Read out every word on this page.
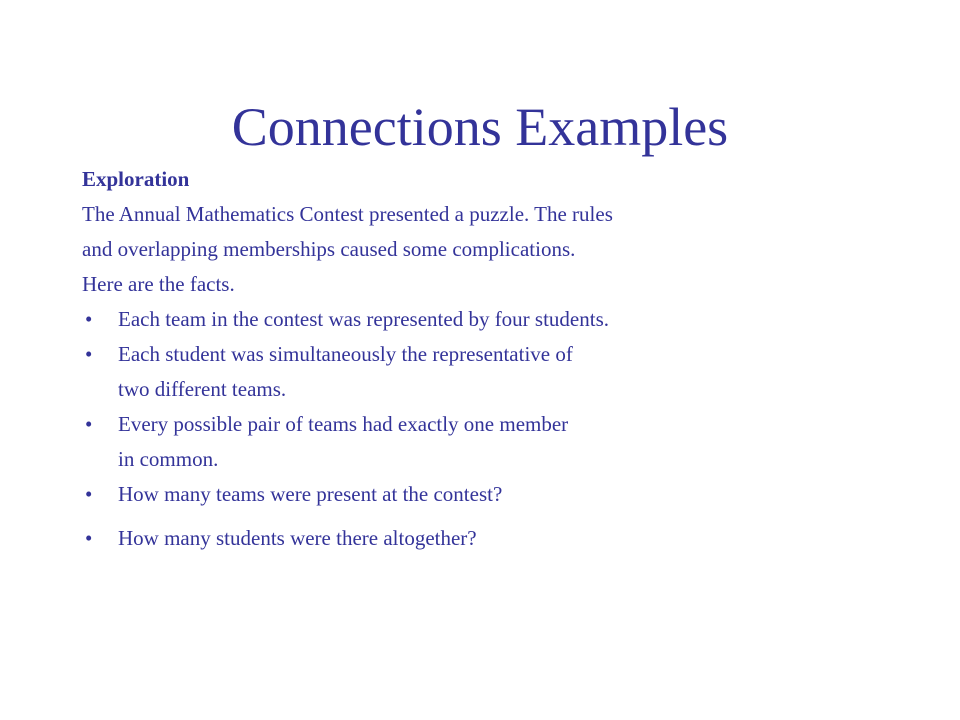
Connections Examples
Exploration
The Annual Mathematics Contest presented a puzzle. The rules
and overlapping memberships caused some complications.
Here are the facts.
• Each team in the contest was represented by four students.
• Each student was simultaneously the representative of
two different teams.
• Every possible pair of teams had exactly one member
in common.
• How many teams were present at the contest?
• How many students were there altogether?
